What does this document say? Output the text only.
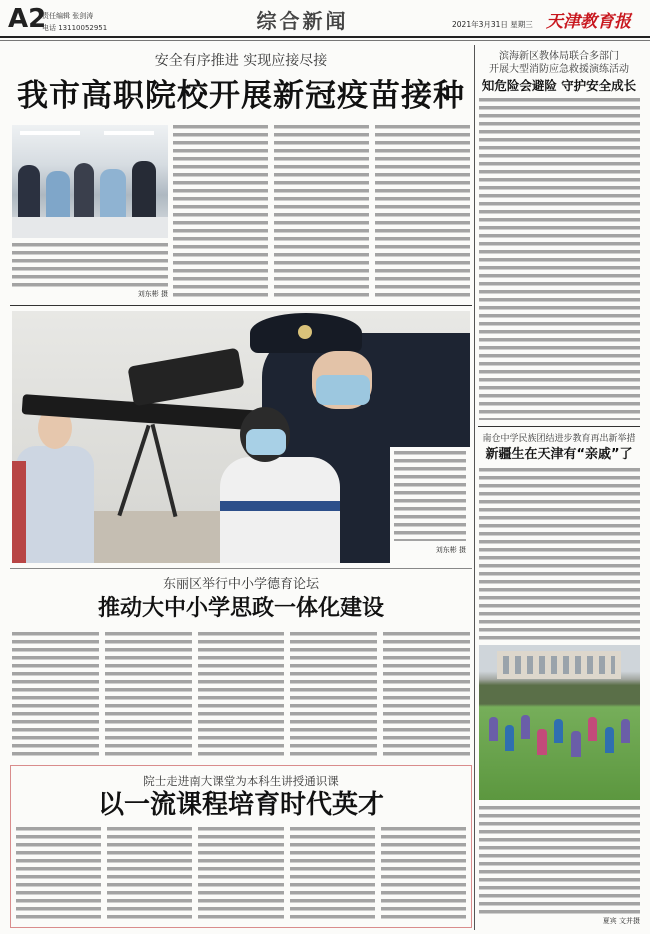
A2
责任编辑 张剑涛
电话 13110052951	综合新闻	2021年3月31日 星期三 天津教育报
安全有序推进 实现应接尽接
我市高职院校开展新冠疫苗接种
刘东彬 摄
刘东彬 摄
东丽区举行中小学德育论坛
推动大中小学思政一体化建设
院士走进南大课堂为本科生讲授通识课
以一流课程培育时代英才
滨海新区教体局联合多部门
开展大型消防应急救援演练活动
知危险会避险 守护安全成长
南仓中学民族团结进步教育再出新举措
新疆生在天津有“亲戚”了
夏宾 文并摄
